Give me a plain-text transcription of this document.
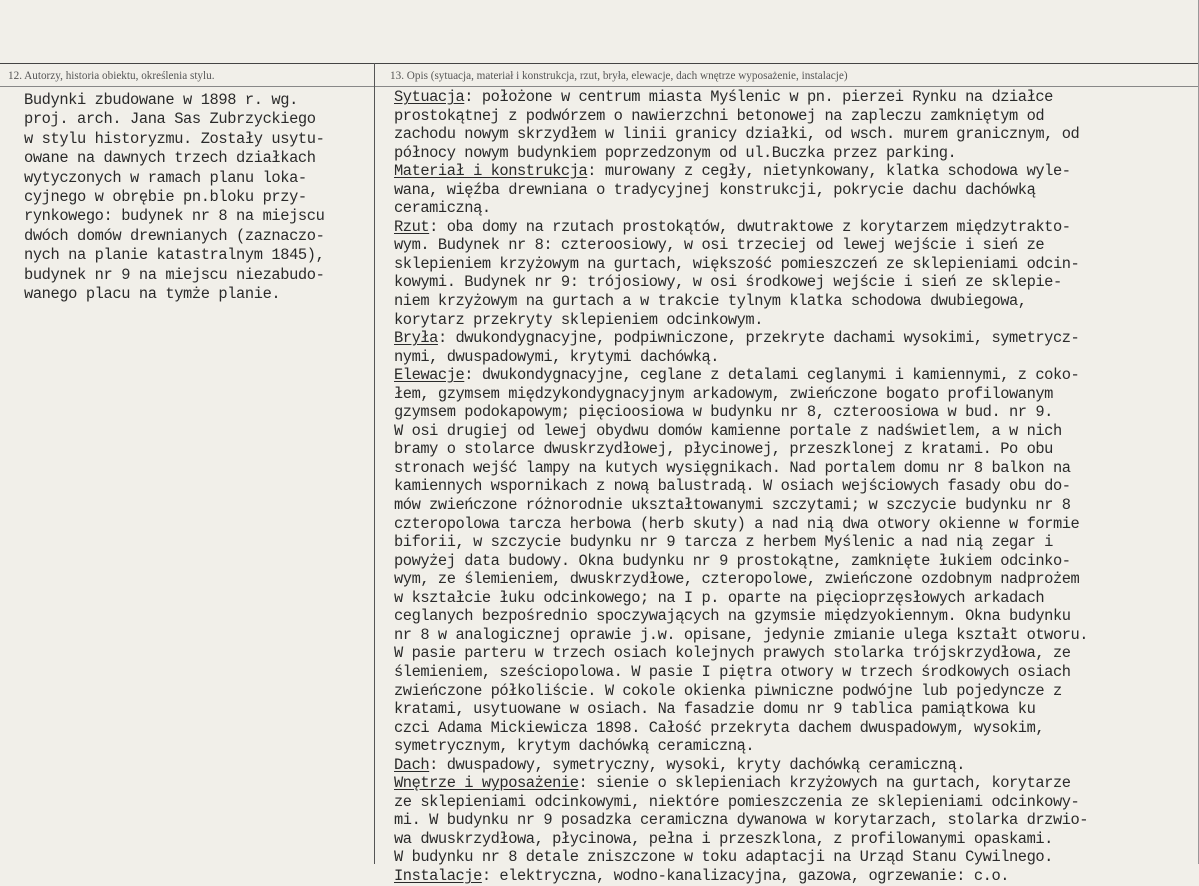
12. Autorzy, historia obiektu, określenia stylu.	13. Opis (sytuacja, materiał i konstrukcja, rzut, bryła, elewacje, dach wnętrze wyposażenie, instalacje)
Budynki zbudowane w 1898 r. wg.
proj. arch. Jana Sas Zubrzyckiego
w stylu historyzmu. Zostały usytu-
owane na dawnych trzech działkach
wytyczonych w ramach planu loka-
cyjnego w obrębie pn.bloku przy-
rynkowego: budynek nr 8 na miejscu
dwóch domów drewnianych (zaznaczo-
nych na planie katastralnym 1845),
budynek nr 9 na miejscu niezabudo-
wanego placu na tymże planie.
Sytuacja: położone w centrum miasta Myślenic w pn. pierzei Rynku na działce
prostokątnej z podwórzem o nawierzchni betonowej na zapleczu zamkniętym od
zachodu nowym skrzydłem w linii granicy działki, od wsch. murem granicznym, od
północy nowym budynkiem poprzedzonym od ul.Buczka przez parking.
Materiał i konstrukcja: murowany z cegły, nietynkowany, klatka schodowa wyle-
wana, więźba drewniana o tradycyjnej konstrukcji, pokrycie dachu dachówką
ceramiczną.
Rzut: oba domy na rzutach prostokątów, dwutraktowe z korytarzem międzytrakto-
wym. Budynek nr 8: czteroosiowy, w osi trzeciej od lewej wejście i sień ze
sklepieniem krzyżowym na gurtach, większość pomieszczeń ze sklepieniami odcin-
kowymi. Budynek nr 9: trójosiowy, w osi środkowej wejście i sień ze sklepie-
niem krzyżowym na gurtach a w trakcie tylnym klatka schodowa dwubiegowa,
korytarz przekryty sklepieniem odcinkowym.
Bryła: dwukondygnacyjne, podpiwniczone, przekryte dachami wysokimi, symetrycz-
nymi, dwuspadowymi, krytymi dachówką.
Elewacje: dwukondygnacyjne, ceglane z detalami ceglanymi i kamiennymi, z coko-
łem, gzymsem międzykondygnacyjnym arkadowym, zwieńczone bogato profilowanym
gzymsem podokapowym; pięcioosiowa w budynku nr 8, czteroosiowa w bud. nr 9.
W osi drugiej od lewej obydwu domów kamienne portale z nadświetlem, a w nich
bramy o stolarce dwuskrzydłowej, płycinowej, przeszklonej z kratami. Po obu
stronach wejść lampy na kutych wysięgnikach. Nad portalem domu nr 8 balkon na
kamiennych wspornikach z nową balustradą. W osiach wejściowych fasady obu do-
mów zwieńczone różnorodnie ukształtowanymi szczytami; w szczycie budynku nr 8
czteropolowa tarcza herbowa (herb skuty) a nad nią dwa otwory okienne w formie
biforii, w szczycie budynku nr 9 tarcza z herbem Myślenic a nad nią zegar i
powyżej data budowy. Okna budynku nr 9 prostokątne, zamknięte łukiem odcinko-
wym, ze ślemieniem, dwuskrzydłowe, czteropolowe, zwieńczone ozdobnym nadprożem
w kształcie łuku odcinkowego; na I p. oparte na pięcioprzęsłowych arkadach
ceglanych bezpośrednio spoczywających na gzymsie międzyokiennym. Okna budynku
nr 8 w analogicznej oprawie j.w. opisane, jedynie zmianie ulega kształt otworu.
W pasie parteru w trzech osiach kolejnych prawych stolarka trójskrzydłowa, ze
ślemieniem, sześciopolowa. W pasie I piętra otwory w trzech środkowych osiach
zwieńczone półkoliście. W cokole okienka piwniczne podwójne lub pojedyncze z
kratami, usytuowane w osiach. Na fasadzie domu nr 9 tablica pamiątkowa ku
czci Adama Mickiewicza 1898. Całość przekryta dachem dwuspadowym, wysokim,
symetrycznym, krytym dachówką ceramiczną.
Dach: dwuspadowy, symetryczny, wysoki, kryty dachówką ceramiczną.
Wnętrze i wyposażenie: sienie o sklepieniach krzyżowych na gurtach, korytarze
ze sklepieniami odcinkowymi, niektóre pomieszczenia ze sklepieniami odcinkowy-
mi. W budynku nr 9 posadzka ceramiczna dywanowa w korytarzach, stolarka drzwio-
wa dwuskrzydłowa, płycinowa, pełna i przeszklona, z profilowanymi opaskami.
W budynku nr 8 detale zniszczone w toku adaptacji na Urząd Stanu Cywilnego.
Instalacje: elektryczna, wodno-kanalizacyjna, gazowa, ogrzewanie: c.o.
